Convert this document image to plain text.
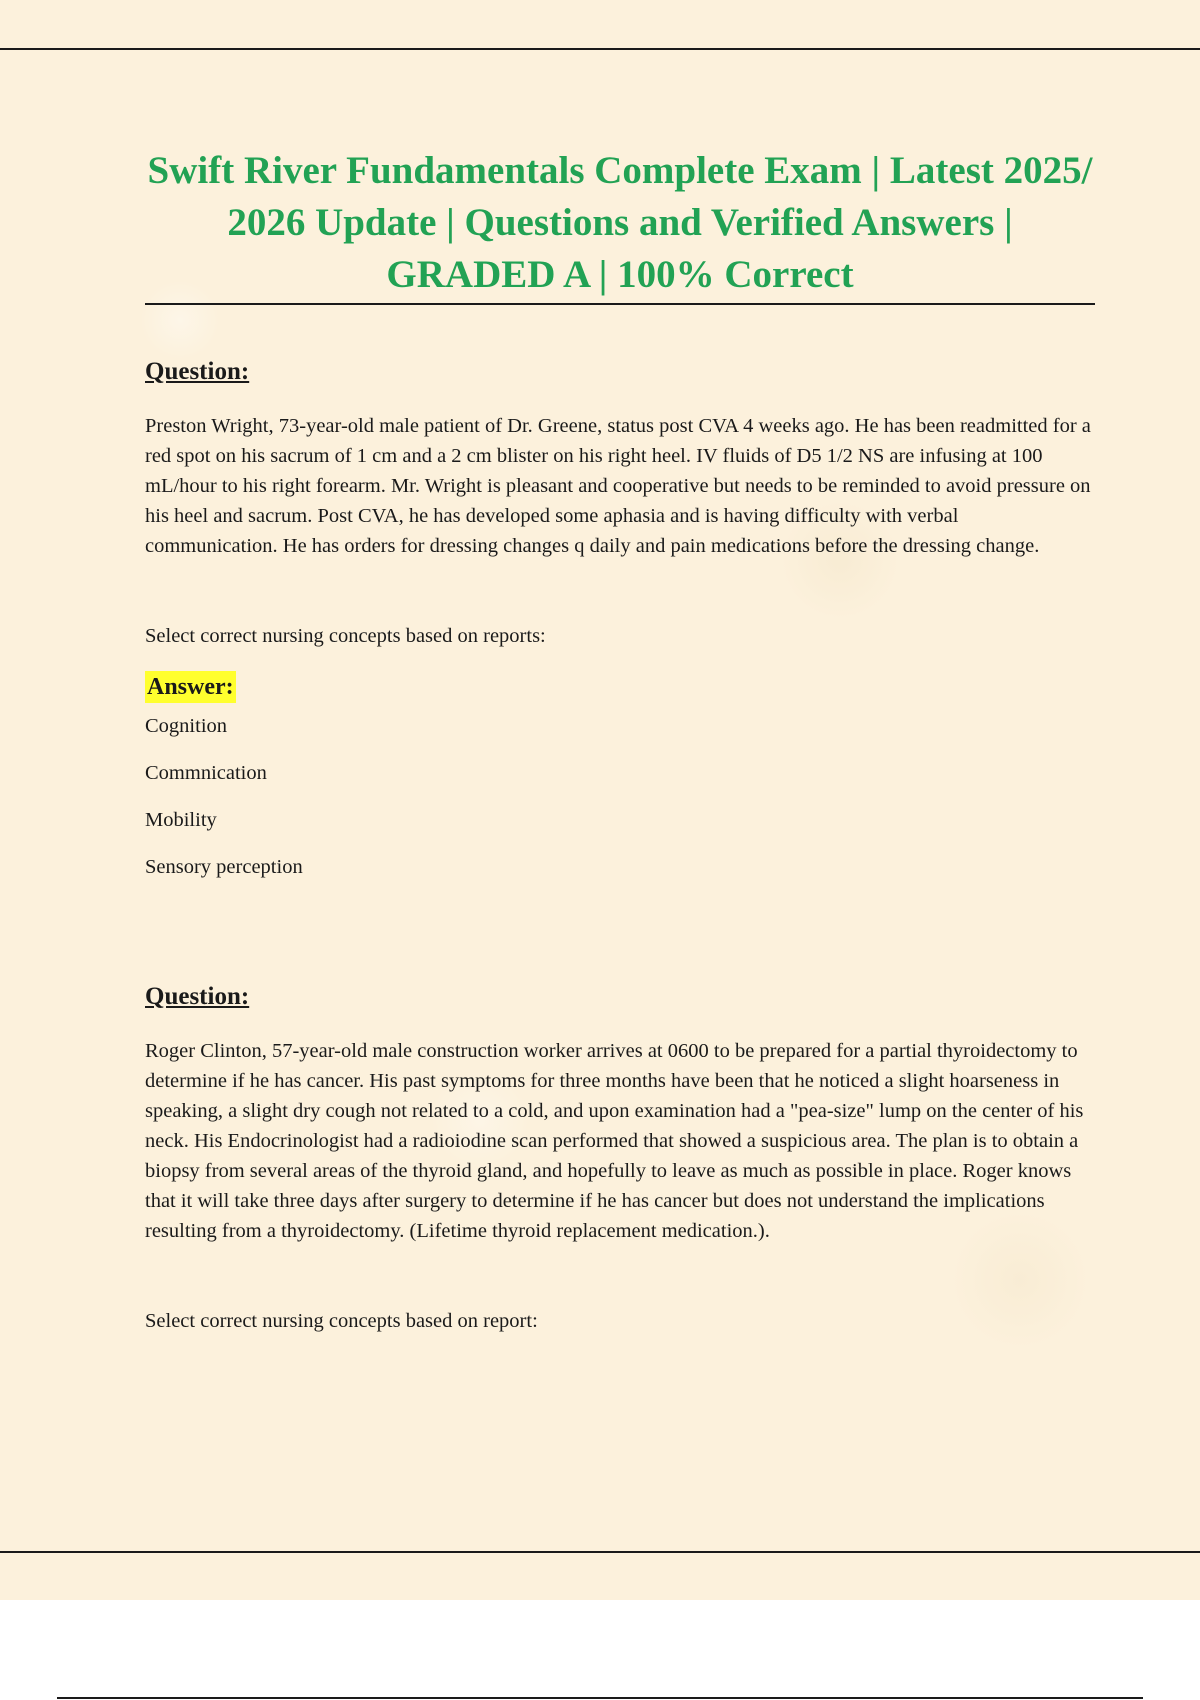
Swift River Fundamentals Complete Exam | Latest 2025/ 2026 Update | Questions and Verified Answers | GRADED A | 100% Correct
Question:

Preston Wright, 73-year-old male patient of Dr. Greene, status post CVA 4 weeks ago. He has been readmitted for a red spot on his sacrum of 1 cm and a 2 cm blister on his right heel. IV fluids of D5 1/2 NS are infusing at 100 mL/hour to his right forearm. Mr. Wright is pleasant and cooperative but needs to be reminded to avoid pressure on his heel and sacrum. Post CVA, he has developed some aphasia and is having difficulty with verbal communication. He has orders for dressing changes q daily and pain medications before the dressing change.

Select correct nursing concepts based on reports:

Answer:
Cognition
Commnication
Mobility
Sensory perception
Question:

Roger Clinton, 57-year-old male construction worker arrives at 0600 to be prepared for a partial thyroidectomy to determine if he has cancer. His past symptoms for three months have been that he noticed a slight hoarseness in speaking, a slight dry cough not related to a cold, and upon examination had a "pea-size" lump on the center of his neck. His Endocrinologist had a radioiodine scan performed that showed a suspicious area. The plan is to obtain a biopsy from several areas of the thyroid gland, and hopefully to leave as much as possible in place. Roger knows that it will take three days after surgery to determine if he has cancer but does not understand the implications resulting from a thyroidectomy. (Lifetime thyroid replacement medication.).

Select correct nursing concepts based on report:
